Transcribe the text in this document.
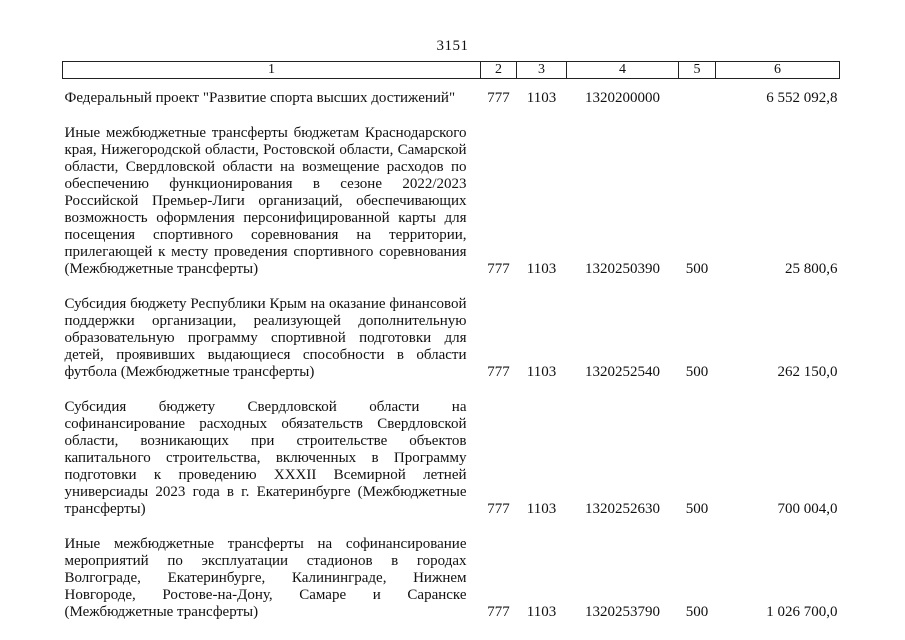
3151
1	2	3	4	5	6

Федеральный проект "Развитие спорта высших достижений"	777	1103	1320200000		6 552 092,8

Иные межбюджетные трансферты бюджетам Краснодарского края, Нижегородской области, Ростовской области, Самарской области, Свердловской области на возмещение расходов по обеспечению функционирования в сезоне 2022/2023 Российской Премьер-Лиги организаций, обеспечивающих возможность оформления персонифицированной карты для посещения спортивного соревнования на территории, прилегающей к месту проведения спортивного соревнования (Межбюджетные трансферты)	777	1103	1320250390	500	25 800,6

Субсидия бюджету Республики Крым на оказание финансовой поддержки организации, реализующей дополнительную образовательную программу спортивной подготовки для детей, проявивших выдающиеся способности в области футбола (Межбюджетные трансферты)	777	1103	1320252540	500	262 150,0

Субсидия бюджету Свердловской области на софинансирование расходных обязательств Свердловской области, возникающих при строительстве объектов капитального строительства, включенных в Программу подготовки к проведению XXXII Всемирной летней универсиады 2023 года в г. Екатеринбурге (Межбюджетные трансферты)	777	1103	1320252630	500	700 004,0

Иные межбюджетные трансферты на софинансирование мероприятий по эксплуатации стадионов в городах Волгограде, Екатеринбурге, Калининграде, Нижнем Новгороде, Ростове-на-Дону, Самаре и Саранске (Межбюджетные трансферты)	777	1103	1320253790	500	1 026 700,0
